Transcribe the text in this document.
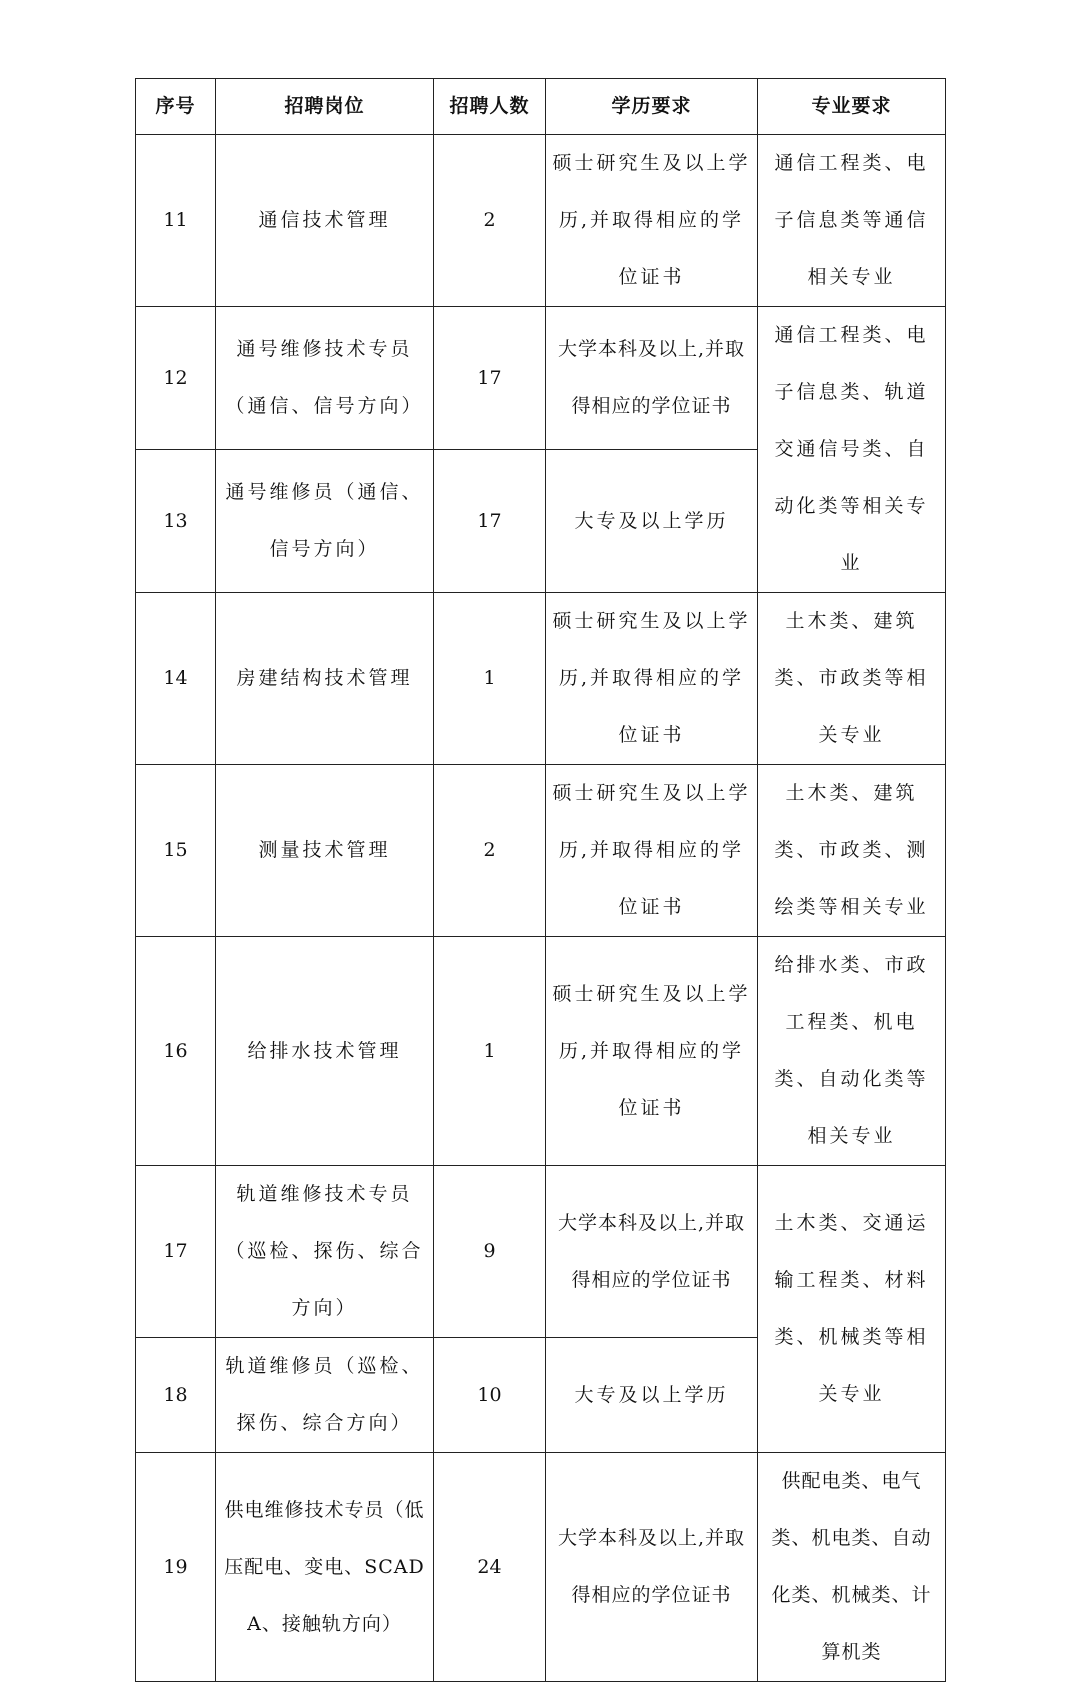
序号	招聘岗位	招聘人数	学历要求	专业要求
11	通信技术管理	2	硕士研究生及以上学历,并取得相应的学位证书	通信工程类、电子信息类等通信相关专业
12	通号维修技术专员（通信、信号方向）	17	大学本科及以上,并取得相应的学位证书	通信工程类、电子信息类、轨道交通信号类、自动化类等相关专业
13	通号维修员（通信、信号方向）	17	大专及以上学历	
14	房建结构技术管理	1	硕士研究生及以上学历,并取得相应的学位证书	土木类、建筑类、市政类等相关专业
15	测量技术管理	2	硕士研究生及以上学历,并取得相应的学位证书	土木类、建筑类、市政类、测绘类等相关专业
16	给排水技术管理	1	硕士研究生及以上学历,并取得相应的学位证书	给排水类、市政工程类、机电类、自动化类等相关专业
17	轨道维修技术专员（巡检、探伤、综合方向）	9	大学本科及以上,并取得相应的学位证书	土木类、交通运输工程类、材料类、机械类等相关专业
18	轨道维修员（巡检、探伤、综合方向）	10	大专及以上学历	
19	供电维修技术专员（低压配电、变电、SCADA、接触轨方向）	24	大学本科及以上,并取得相应的学位证书	供配电类、电气类、机电类、自动化类、机械类、计算机类
